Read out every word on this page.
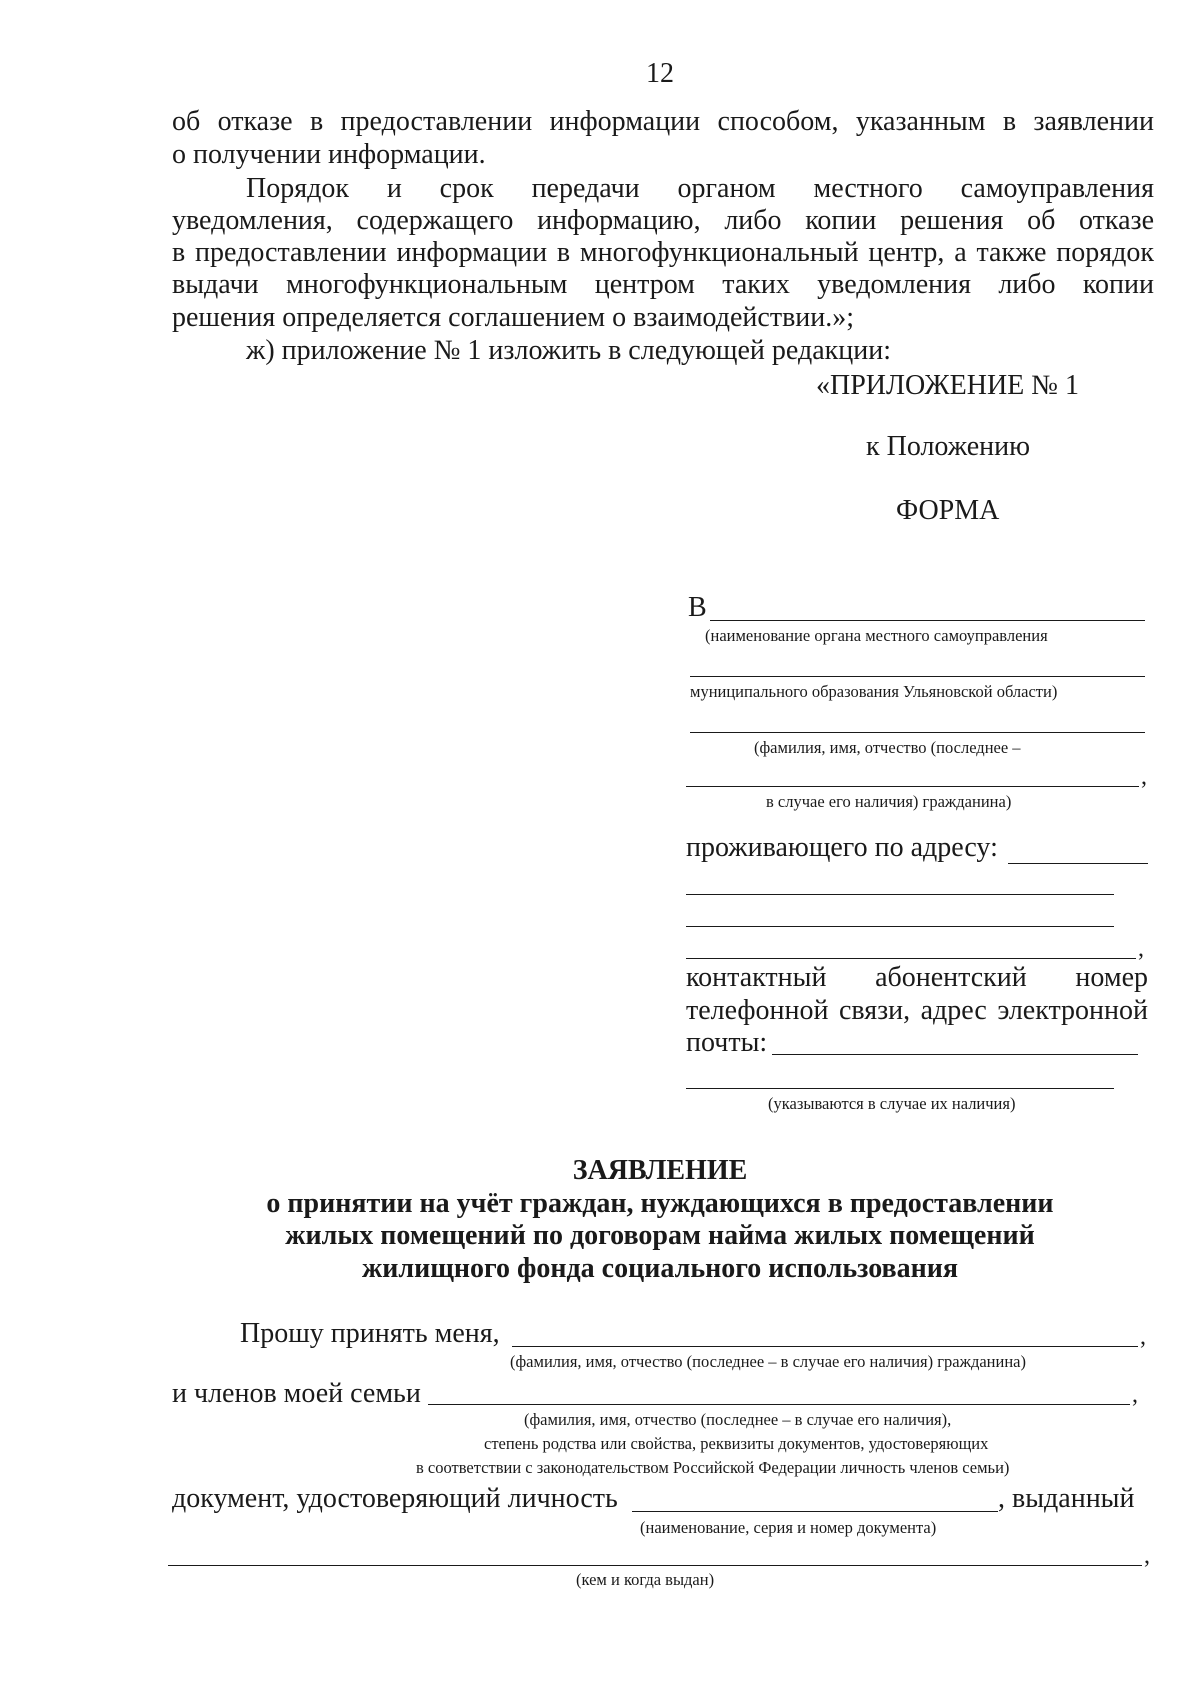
12
об отказе в предоставлении информации способом, указанным в заявлении
о получении информации.
Порядок и срок передачи органом местного самоуправления
уведомления, содержащего информацию, либо копии решения об отказе
в предоставлении информации в многофункциональный центр, а также порядок
выдачи многофункциональным центром таких уведомления либо копии
решения определяется соглашением о взаимодействии.»;
ж) приложение № 1 изложить в следующей редакции:
«ПРИЛОЖЕНИЕ № 1
к Положению
ФОРМА
В
(наименование органа местного самоуправления
муниципального образования Ульяновской области)
(фамилия, имя, отчество (последнее –
,
в случае его наличия) гражданина)
проживающего по адресу:
,
контактный абонентский номер
телефонной связи, адрес электронной
почты:
(указываются в случае их наличия)
ЗАЯВЛЕНИЕ
о принятии на учёт граждан, нуждающихся в предоставлении
жилых помещений по договорам найма жилых помещений
жилищного фонда социального использования
Прошу принять меня,	,
(фамилия, имя, отчество (последнее – в случае его наличия) гражданина)
и членов моей семьи	,
(фамилия, имя, отчество (последнее – в случае его наличия),
степень родства или свойства, реквизиты документов, удостоверяющих
в соответствии с законодательством Российской Федерации личность членов семьи)
документ, удостоверяющий личность	, выданный
(наименование, серия и номер документа)
,
(кем и когда выдан)
